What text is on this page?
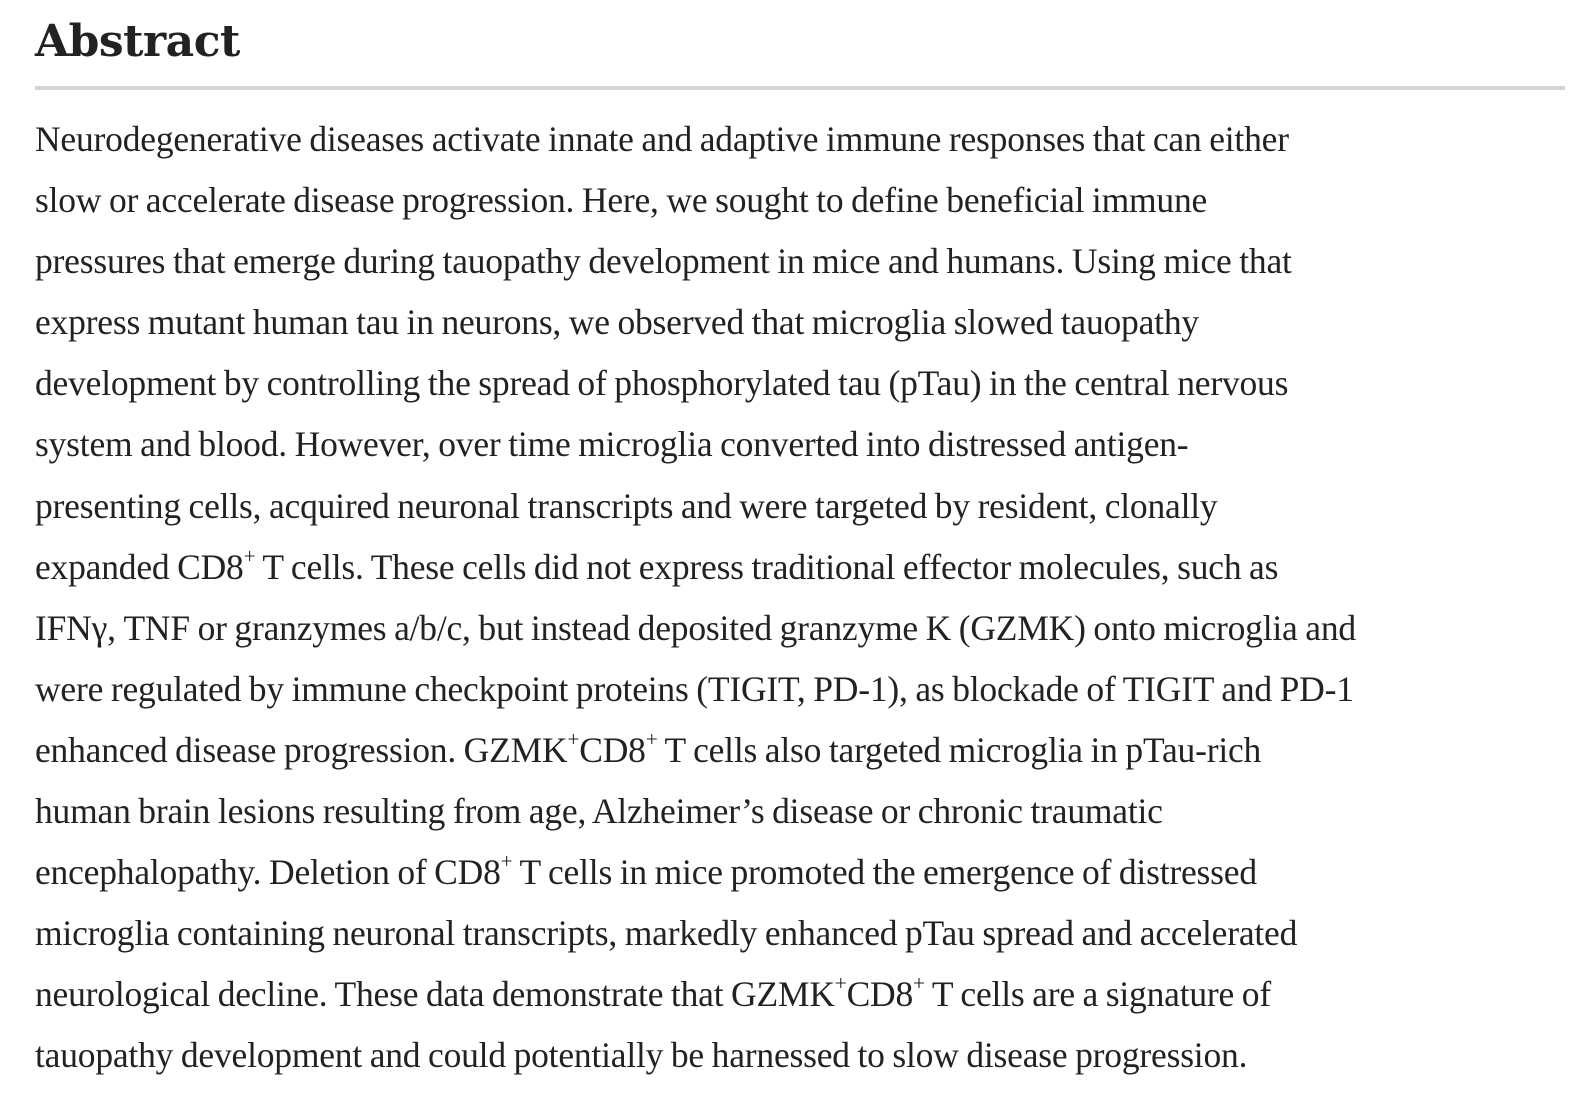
Abstract

Neurodegenerative diseases activate innate and adaptive immune responses that can either
slow or accelerate disease progression. Here, we sought to define beneficial immune
pressures that emerge during tauopathy development in mice and humans. Using mice that
express mutant human tau in neurons, we observed that microglia slowed tauopathy
development by controlling the spread of phosphorylated tau (pTau) in the central nervous
system and blood. However, over time microglia converted into distressed antigen-
presenting cells, acquired neuronal transcripts and were targeted by resident, clonally
expanded CD8+ T cells. These cells did not express traditional effector molecules, such as
IFNγ, TNF or granzymes a/b/c, but instead deposited granzyme K (GZMK) onto microglia and
were regulated by immune checkpoint proteins (TIGIT, PD-1), as blockade of TIGIT and PD-1
enhanced disease progression. GZMK+CD8+ T cells also targeted microglia in pTau-rich
human brain lesions resulting from age, Alzheimer’s disease or chronic traumatic
encephalopathy. Deletion of CD8+ T cells in mice promoted the emergence of distressed
microglia containing neuronal transcripts, markedly enhanced pTau spread and accelerated
neurological decline. These data demonstrate that GZMK+CD8+ T cells are a signature of
tauopathy development and could potentially be harnessed to slow disease progression.
